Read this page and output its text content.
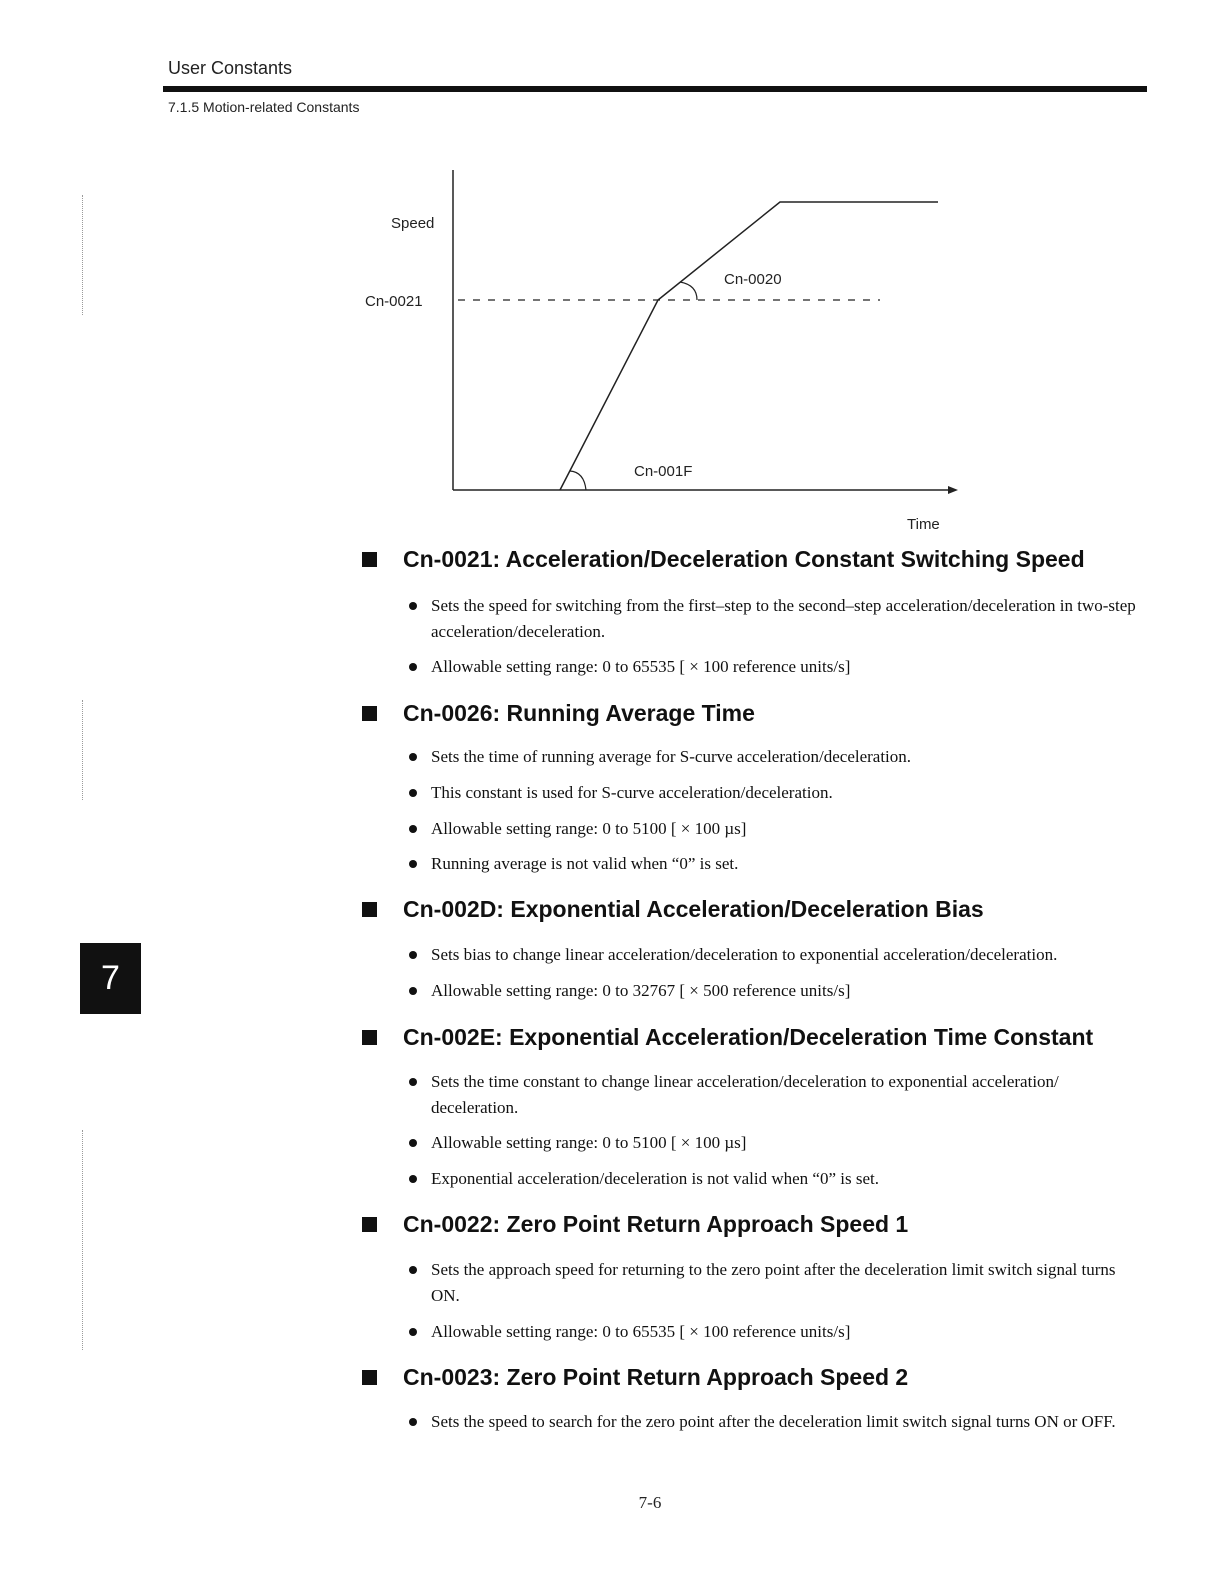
User Constants
7.1.5 Motion-related Constants
7
Speed
Cn-0021
Cn-0020
Cn-001F
Time
Cn-0021: Acceleration/Deceleration Constant Switching Speed
Sets the speed for switching from the first–step to the second–step acceleration/deceleration in two-step acceleration/deceleration.
Allowable setting range: 0 to 65535 [ × 100 reference units/s]
Cn-0026: Running Average Time
Sets the time of running average for S-curve acceleration/deceleration.
This constant is used for S-curve acceleration/deceleration.
Allowable setting range: 0 to 5100 [ × 100 µs]
Running average is not valid when “0” is set.
Cn-002D: Exponential Acceleration/Deceleration Bias
Sets bias to change linear acceleration/deceleration to exponential acceleration/deceleration.
Allowable setting range: 0 to 32767 [ × 500 reference units/s]
Cn-002E: Exponential Acceleration/Deceleration Time Constant
Sets the time constant to change linear acceleration/deceleration to exponential acceleration/ deceleration.
Allowable setting range: 0 to 5100 [ × 100 µs]
Exponential acceleration/deceleration is not valid when “0” is set.
Cn-0022: Zero Point Return Approach Speed 1
Sets the approach speed for returning to the zero point after the deceleration limit switch signal turns ON.
Allowable setting range: 0 to 65535 [ × 100 reference units/s]
Cn-0023: Zero Point Return Approach Speed 2
Sets the speed to search for the zero point after the deceleration limit switch signal turns ON or OFF.
7-6
